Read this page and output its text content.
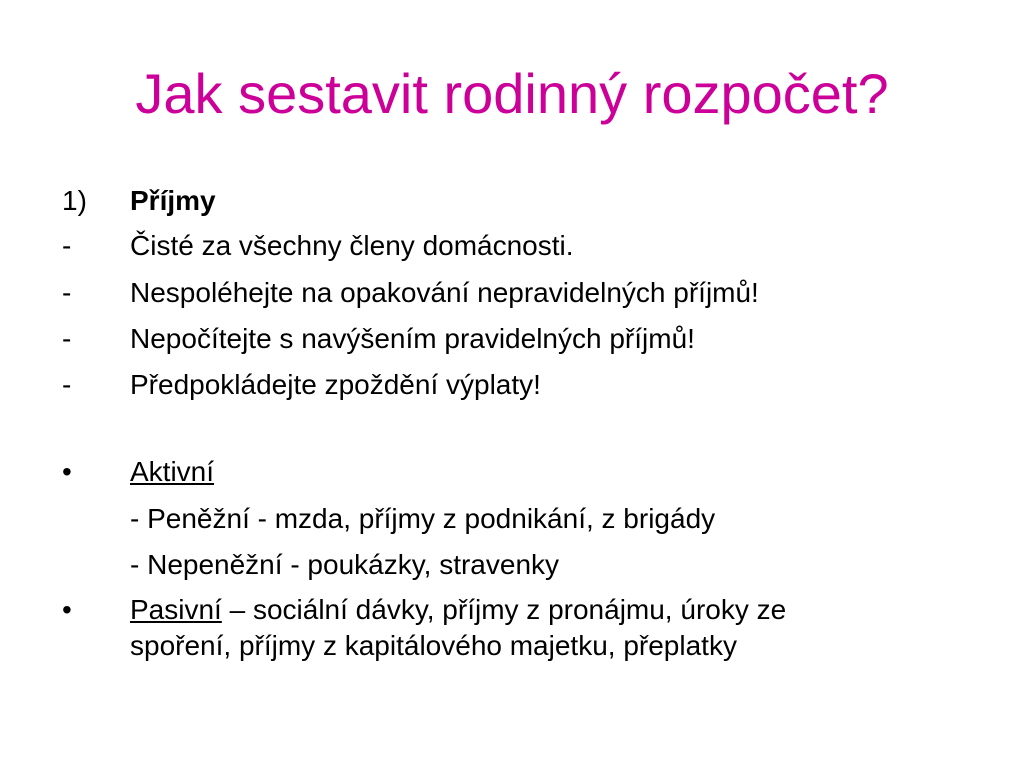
Jak sestavit rodinný rozpočet?
1) Příjmy
- Čisté za všechny členy domácnosti.
- Nespoléhejte na opakování nepravidelných příjmů!
- Nepočítejte s navýšením pravidelných příjmů!
- Předpokládejte zpoždění výplaty!
• Aktivní
- Peněžní - mzda, příjmy z podnikání, z brigády
- Nepeněžní - poukázky, stravenky
• Pasivní – sociální dávky, příjmy z pronájmu, úroky ze
spoření, příjmy z kapitálového majetku, přeplatky
